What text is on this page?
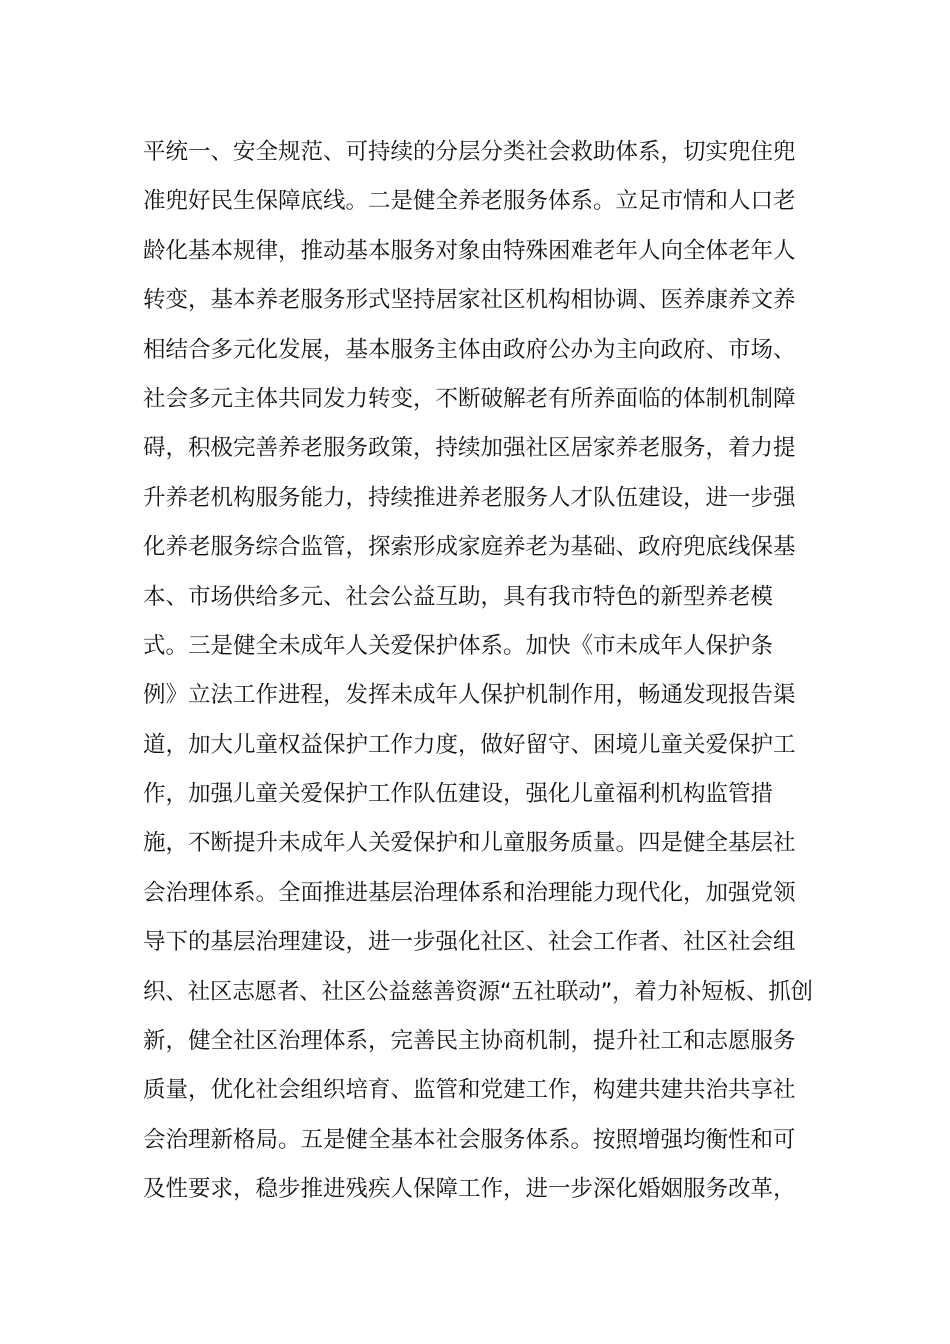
平统一、安全规范、可持续的分层分类社会救助体系，切实兜住兜
准兜好民生保障底线。二是健全养老服务体系。立足市情和人口老
龄化基本规律，推动基本服务对象由特殊困难老年人向全体老年人
转变，基本养老服务形式坚持居家社区机构相协调、医养康养文养
相结合多元化发展，基本服务主体由政府公办为主向政府、市场、
社会多元主体共同发力转变，不断破解老有所养面临的体制机制障
碍，积极完善养老服务政策，持续加强社区居家养老服务，着力提
升养老机构服务能力，持续推进养老服务人才队伍建设，进一步强
化养老服务综合监管，探索形成家庭养老为基础、政府兜底线保基
本、市场供给多元、社会公益互助，具有我市特色的新型养老模
式。三是健全未成年人关爱保护体系。加快《市未成年人保护条
例》立法工作进程，发挥未成年人保护机制作用，畅通发现报告渠
道，加大儿童权益保护工作力度，做好留守、困境儿童关爱保护工
作，加强儿童关爱保护工作队伍建设，强化儿童福利机构监管措
施，不断提升未成年人关爱保护和儿童服务质量。四是健全基层社
会治理体系。全面推进基层治理体系和治理能力现代化，加强党领
导下的基层治理建设，进一步强化社区、社会工作者、社区社会组
织、社区志愿者、社区公益慈善资源“五社联动”，着力补短板、抓创
新，健全社区治理体系，完善民主协商机制，提升社工和志愿服务
质量，优化社会组织培育、监管和党建工作，构建共建共治共享社
会治理新格局。五是健全基本社会服务体系。按照增强均衡性和可
及性要求，稳步推进残疾人保障工作，进一步深化婚姻服务改革，
